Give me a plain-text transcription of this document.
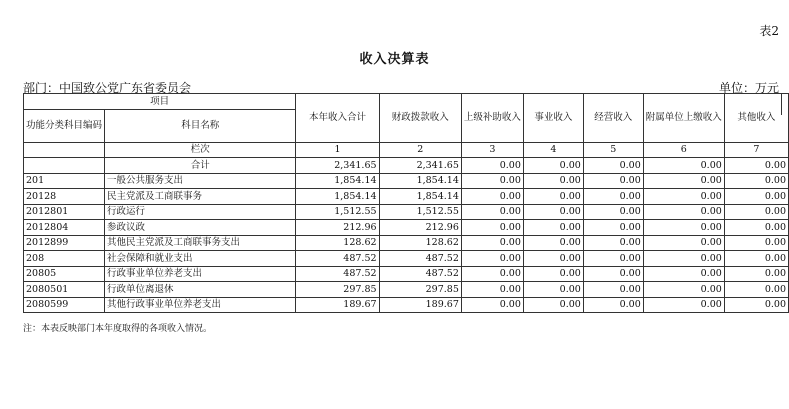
表2
收入决算表
部门：中国致公党广东省委员会	单位：万元
项目		本年收入合计	财政拨款收入	上级补助收入	事业收入	经营收入	附属单位上缴收入	其他收入
功能分类科目编码	科目名称							

	栏次	1	2	3	4	5	6	7
	合计	2,341.65	2,341.65	0.00	0.00	0.00	0.00	0.00
201	一般公共服务支出	1,854.14	1,854.14	0.00	0.00	0.00	0.00	0.00
20128	民主党派及工商联事务	1,854.14	1,854.14	0.00	0.00	0.00	0.00	0.00
2012801	行政运行	1,512.55	1,512.55	0.00	0.00	0.00	0.00	0.00
2012804	参政议政	212.96	212.96	0.00	0.00	0.00	0.00	0.00
2012899	其他民主党派及工商联事务支出	128.62	128.62	0.00	0.00	0.00	0.00	0.00
208	社会保障和就业支出	487.52	487.52	0.00	0.00	0.00	0.00	0.00
20805	行政事业单位养老支出	487.52	487.52	0.00	0.00	0.00	0.00	0.00
2080501	行政单位离退休	297.85	297.85	0.00	0.00	0.00	0.00	0.00
2080599	其他行政事业单位养老支出	189.67	189.67	0.00	0.00	0.00	0.00	0.00
注：本表反映部门本年度取得的各项收入情况。
